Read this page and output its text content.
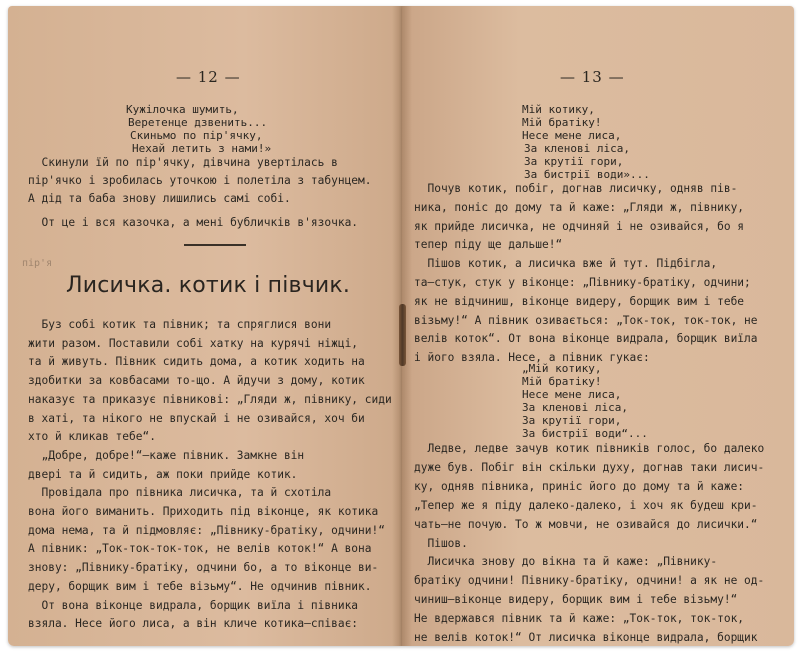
— 12 —
Кужілочка шумить,
Веретенце дзвенить...
Скиньмо по пір'ячку,
Нехай летить з нами!»
Скинули їй по пір'ячку, дівчина увертілась в
пір'ячко і зробилась уточкою і полетіла з табунцем.
А дід та баба знову лишились самі собі.
От це і вся казочка, а мені бубличків в'язочка.
пір'я
Лисичка. котик і півчик.
Буз собі котик та півник; та спряглися вони
жити разом. Поставили собі хатку на курячі ніжці,
та й живуть. Півник сидить дома, а котик ходить на
здобитки за ковбасами то-що. А йдучи з дому, котик
наказує та приказує півникові: „Гляди ж, півнику, сиди
в хаті, та нікого не впускай і не озивайся, хоч би
хто й кликав тебе“.
„Добре, добре!“—каже півник. Замкне він
двері та й сидить, аж поки прийде котик.
Провідала про півника лисичка, та й схотіла
вона його виманить. Приходить під віконце, як котика
дома нема, та й підмовляє: „Півнику-братіку, одчини!“
А півник: „Ток-ток-ток-ток, не велів коток!“ А вона
знову: „Півнику-братіку, одчини бо, а то віконце ви-
деру, борщик вим і тебе візьму“. Не одчинив півник.
От вона віконце видрала, борщик виїла і півника
взяла. Несе його лиса, а він кличе котика—співає:
— 13 —
Мій котику,
Мій братіку!
Несе мене лиса,
За кленові ліса,
За крутії гори,
За бистрії води»...
Почув котик, побіг, догнав лисичку, одняв пів-
ника, поніс до дому та й каже: „Гляди ж, півнику,
як прийде лисичка, не одчиняй і не озивайся, бо я
тепер піду ще дальше!“
Пішов котик, а лисичка вже й тут. Підбігла,
та—стук, стук у віконце: „Півнику-братіку, одчини;
як не відчиниш, віконце видеру, борщик вим і тебе
візьму!“ А півник озивається: „Ток-ток, ток-ток, не
велів коток“. От вона віконце видрала, борщик виїла
і його взяла. Несе, а півник гукає:
„Мій котику,
Мій братіку!
Несе мене лиса,
За кленові ліса,
За крутії гори,
За бистрії води“...
Ледве, ледве зачув котик півників голос, бо далеко
дуже був. Побіг він скільки духу, догнав таки лисич-
ку, одняв півника, приніс його до дому та й каже:
„Тепер же я піду далеко-далеко, і хоч як будеш кри-
чать—не почую. То ж мовчи, не озивайся до лисички.“
Пішов.
Лисичка знову до вікна та й каже: „Півнику-
братіку одчини! Півнику-братіку, одчини! а як не од-
чиниш—віконце видеру, борщик вим і тебе візьму!“
Не вдержався півник та й каже: „Ток-ток, ток-ток,
не велів коток!“ От лисичка віконце видрала, борщик
